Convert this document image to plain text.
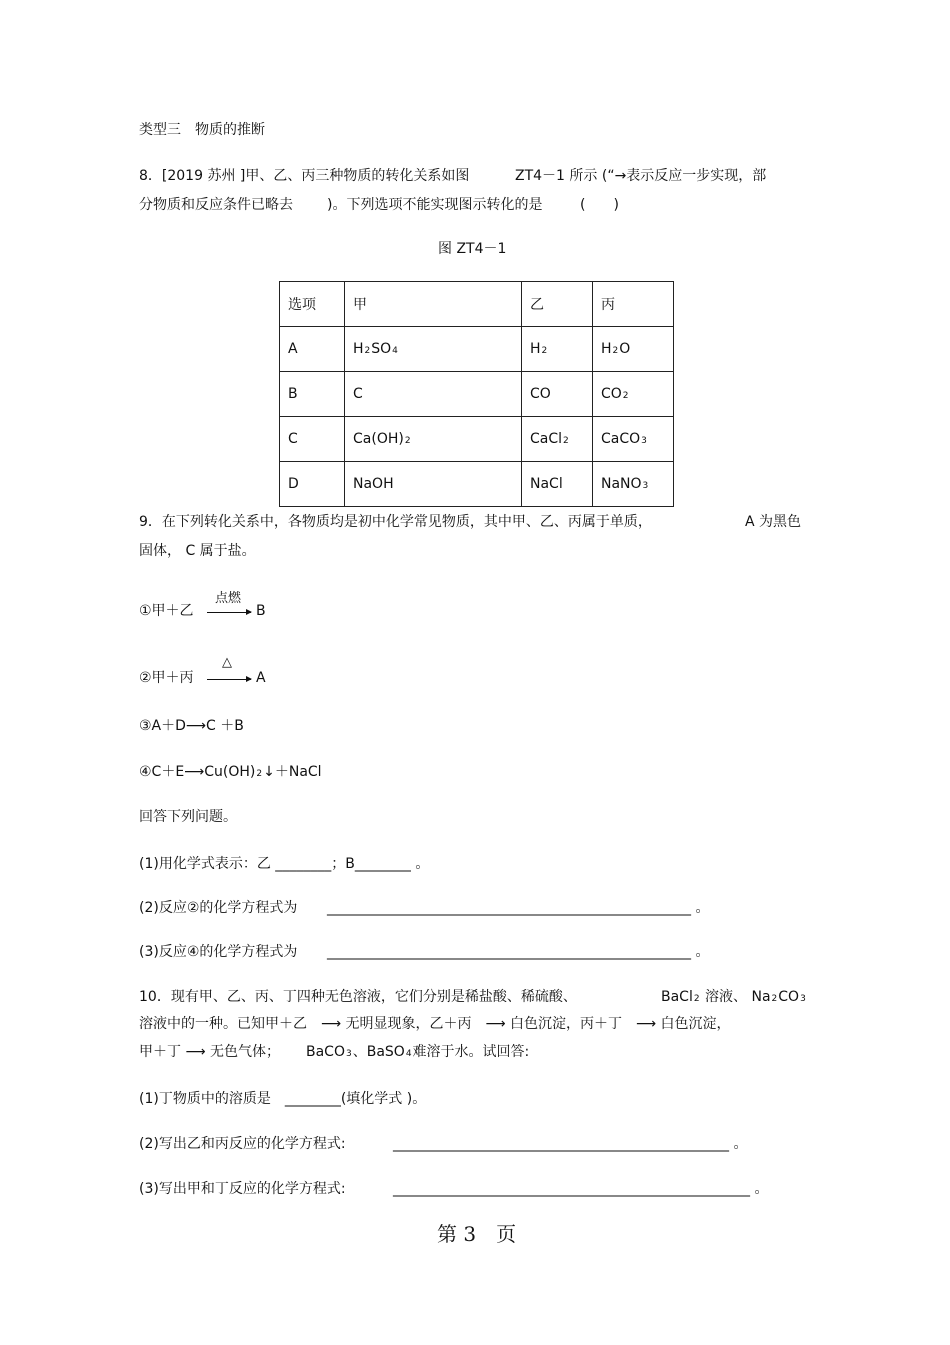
类型三　物质的推断
8．[2019 苏州 ]甲、乙、丙三种物质的转化关系如图	ZT4－1 所示 (“→表示反应一步实现，部
分物质和反应条件已略去 )。下列选项不能实现图示转化的是	(　　)
图 ZT4－1
选项	甲	乙	丙
A	H2SO4	H2	H2O
B	C	CO	CO2
C	Ca(OH)2	CaCl2	CaCO3
D	NaOH	NaCl	NaNO3
9．在下列转化关系中，各物质均是初中化学常见物质，其中甲、乙、丙属于单质，	A 为黑色
固体， C 属于盐。
①甲＋乙
点燃
→ B
②甲＋丙
△
→ A
③A＋D⟶C ＋B
④C＋E⟶Cu(OH)2↓＋NaCl
回答下列问题。
(1)用化学式表示：乙 ________；B________ 。
(2)反应②的化学方程式为 ____________________________________________________ 。
(3)反应④的化学方程式为 ____________________________________________________ 。
10．现有甲、乙、丙、丁四种无色溶液，它们分别是稀盐酸、稀硫酸、	BaCl2 溶液、 Na2CO3
溶液中的一种。已知甲＋乙　⟶ 无明显现象，乙＋丙　⟶ 白色沉淀，丙＋丁　⟶ 白色沉淀，
甲＋丁 ⟶ 无色气体； BaCO3、BaSO4难溶于水。试回答:
(1)丁物质中的溶质是　________(填化学式 )。
(2)写出乙和丙反应的化学方程式:	________________________________________________ 。
(3)写出甲和丁反应的化学方程式:	___________________________________________________ 。
第 3　页
